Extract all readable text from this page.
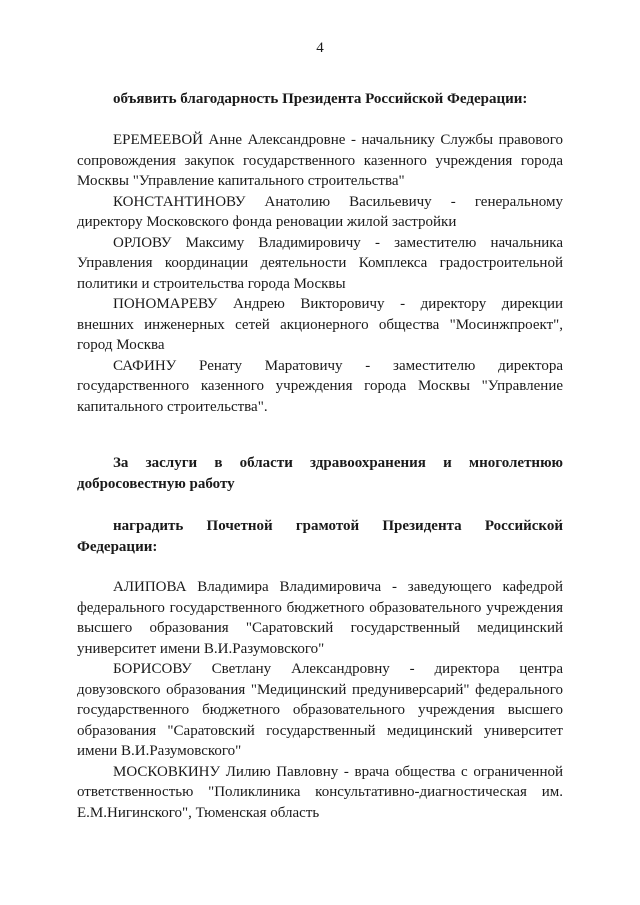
4
объявить благодарность Президента Российской Федерации:

ЕРЕМЕЕВОЙ Анне Александровне - начальнику Службы правового сопровождения закупок государственного казенного учреждения города Москвы "Управление капитального строительства"

КОНСТАНТИНОВУ Анатолию Васильевичу - генеральному директору Московского фонда реновации жилой застройки

ОРЛОВУ Максиму Владимировичу - заместителю начальника Управления координации деятельности Комплекса градостроительной политики и строительства города Москвы

ПОНОМАРЕВУ Андрею Викторовичу - директору дирекции внешних инженерных сетей акционерного общества "Мосинжпроект", город Москва

САФИНУ Ренату Маратовичу - заместителю директора государственного казенного учреждения города Москвы "Управление капитального строительства".

За заслуги в области здравоохранения и многолетнюю добросовестную работу
наградить Почетной грамотой Президента Российской Федерации:

АЛИПОВА Владимира Владимировича - заведующего кафедрой федерального государственного бюджетного образовательного учреждения высшего образования "Саратовский государственный медицинский университет имени В.И.Разумовского"

БОРИСОВУ Светлану Александровну - директора центра довузовского образования "Медицинский предуниверсарий" федерального государственного бюджетного образовательного учреждения высшего образования "Саратовский государственный медицинский университет имени В.И.Разумовского"

МОСКОВКИНУ Лилию Павловну - врача общества с ограниченной ответственностью "Поликлиника консультативно-диагностическая им. Е.М.Нигинского", Тюменская область
